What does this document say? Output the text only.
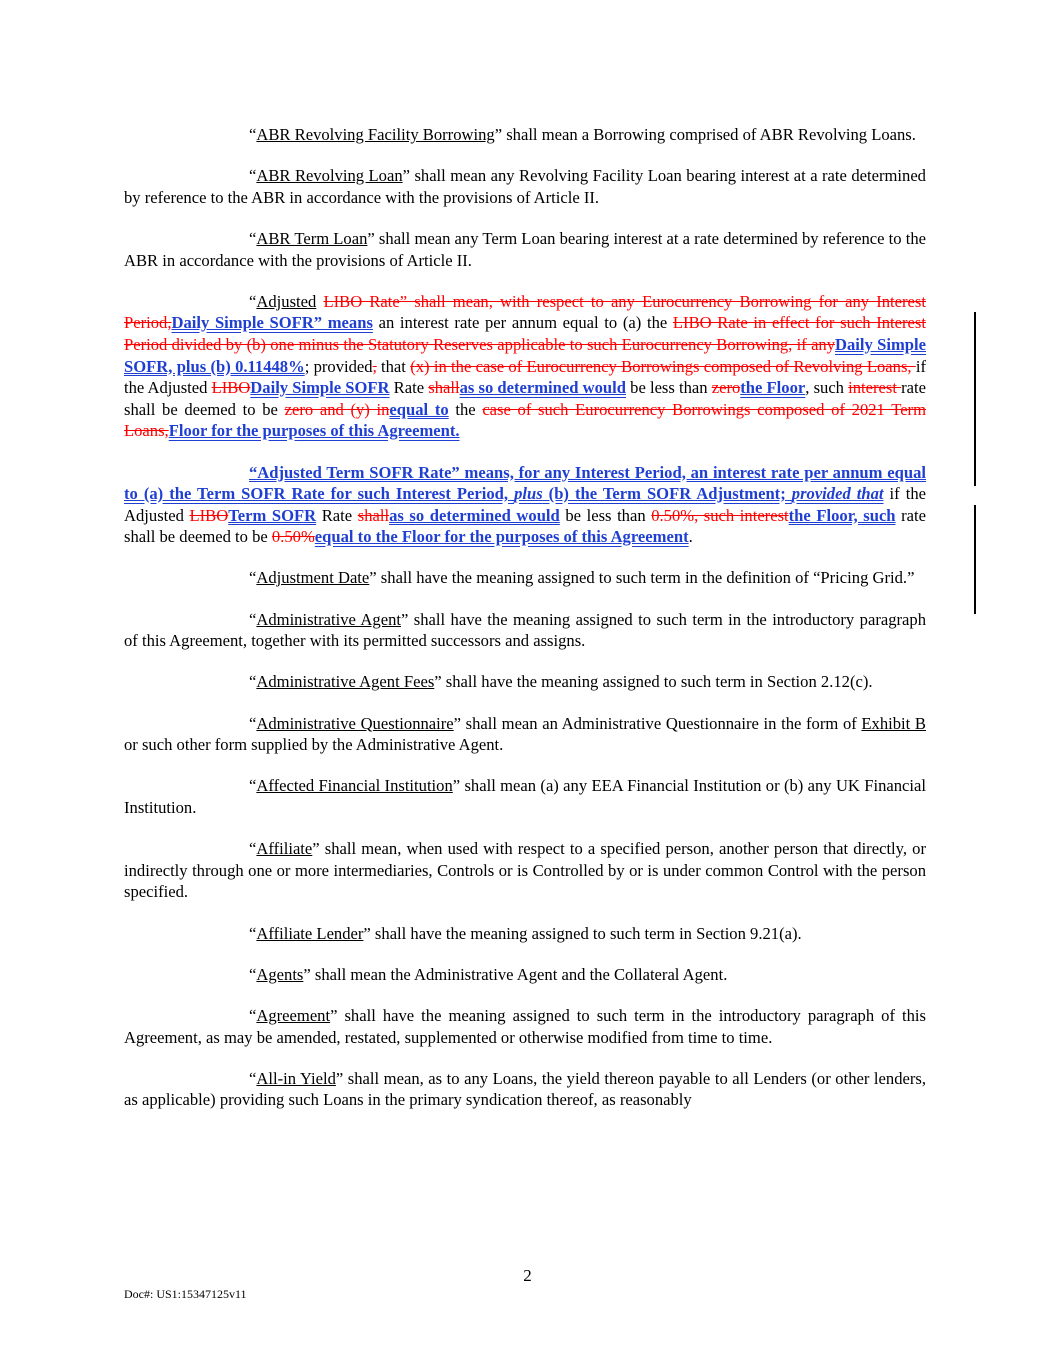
“ABR Revolving Facility Borrowing” shall mean a Borrowing comprised of ABR Revolving Loans.

“ABR Revolving Loan” shall mean any Revolving Facility Loan bearing interest at a rate determined by reference to the ABR in accordance with the provisions of Article II.

“ABR Term Loan” shall mean any Term Loan bearing interest at a rate determined by reference to the ABR in accordance with the provisions of Article II.

“Adjusted LIBO Rate” shall mean, with respect to any Eurocurrency Borrowing for any Interest Period,Daily Simple SOFR” means an interest rate per annum equal to (a) the LIBO Rate in effect for such Interest Period divided by (b) one minus the Statutory Reserves applicable to such Eurocurrency Borrowing, if anyDaily Simple SOFR, plus (b) 0.11448%; provided, that (x) in the case of Eurocurrency Borrowings composed of Revolving Loans, if the Adjusted LIBODaily Simple SOFR Rate shallas so determined would be less than zerothe Floor, such interest rate shall be deemed to be zero and (y) inequal to the case of such Eurocurrency Borrowings composed of 2021 Term Loans,Floor for the purposes of this Agreement.

“Adjusted Term SOFR Rate” means, for any Interest Period, an interest rate per annum equal to (a) the Term SOFR Rate for such Interest Period, plus (b) the Term SOFR Adjustment; provided that if the Adjusted LIBOTerm SOFR Rate shallas so determined would be less than 0.50%, such interestthe Floor, such rate shall be deemed to be 0.50%equal to the Floor for the purposes of this Agreement.

“Adjustment Date” shall have the meaning assigned to such term in the definition of “Pricing Grid.”

“Administrative Agent” shall have the meaning assigned to such term in the introductory paragraph of this Agreement, together with its permitted successors and assigns.

“Administrative Agent Fees” shall have the meaning assigned to such term in Section 2.12(c).

“Administrative Questionnaire” shall mean an Administrative Questionnaire in the form of Exhibit B or such other form supplied by the Administrative Agent.

“Affected Financial Institution” shall mean (a) any EEA Financial Institution or (b) any UK Financial Institution.

“Affiliate” shall mean, when used with respect to a specified person, another person that directly, or indirectly through one or more intermediaries, Controls or is Controlled by or is under common Control with the person specified.

“Affiliate Lender” shall have the meaning assigned to such term in Section 9.21(a).

“Agents” shall mean the Administrative Agent and the Collateral Agent.

“Agreement” shall have the meaning assigned to such term in the introductory paragraph of this Agreement, as may be amended, restated, supplemented or otherwise modified from time to time.

“All-in Yield” shall mean, as to any Loans, the yield thereon payable to all Lenders (or other lenders, as applicable) providing such Loans in the primary syndication thereof, as reasonably

2
Doc#: US1:15347125v11
